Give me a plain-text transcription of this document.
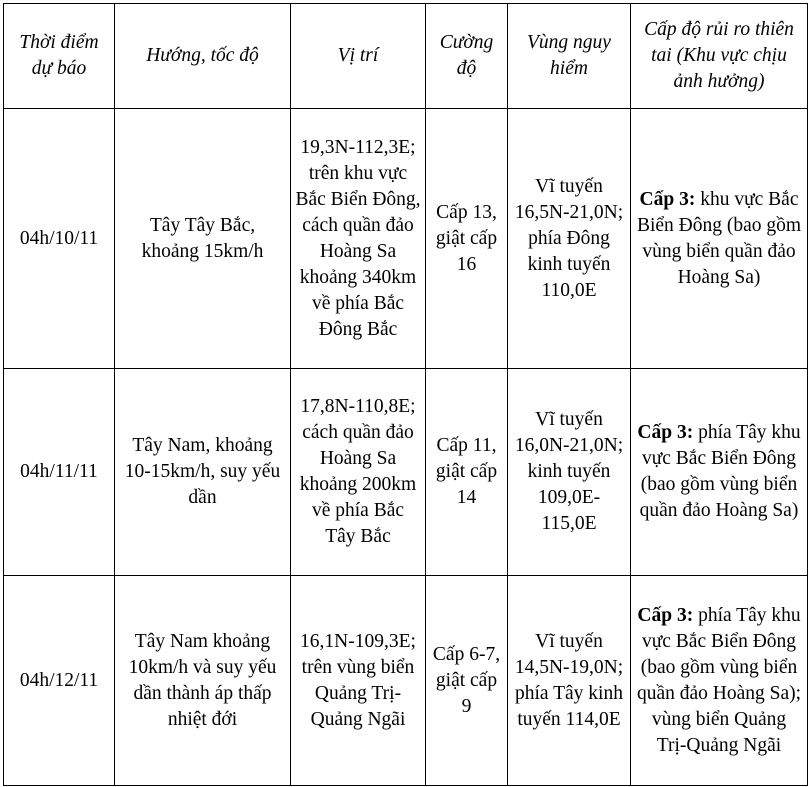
Thời điểm dự báo	Hướng, tốc độ	Vị trí	Cường độ	Vùng nguy hiểm	Cấp độ rủi ro thiên tai (Khu vực chịu ảnh hưởng)
04h/10/11	Tây Tây Bắc, khoảng 15km/h	19,3N-112,3E; trên khu vực Bắc Biển Đông, cách quần đảo Hoàng Sa khoảng 340km về phía Bắc Đông Bắc	Cấp 13, giật cấp 16	Vĩ tuyến 16,5N-21,0N; phía Đông kinh tuyến 110,0E	Cấp 3: khu vực Bắc Biển Đông (bao gồm vùng biển quần đảo Hoàng Sa)
04h/11/11	Tây Nam, khoảng 10-15km/h, suy yếu dần	17,8N-110,8E; cách quần đảo Hoàng Sa khoảng 200km về phía Bắc Tây Bắc	Cấp 11, giật cấp 14	Vĩ tuyến 16,0N-21,0N; kinh tuyến 109,0E-115,0E	Cấp 3: phía Tây khu vực Bắc Biển Đông (bao gồm vùng biển quần đảo Hoàng Sa)
04h/12/11	Tây Nam khoảng 10km/h và suy yếu dần thành áp thấp nhiệt đới	16,1N-109,3E; trên vùng biển Quảng Trị-Quảng Ngãi	Cấp 6-7, giật cấp 9	Vĩ tuyến 14,5N-19,0N; phía Tây kinh tuyến 114,0E	Cấp 3: phía Tây khu vực Bắc Biển Đông (bao gồm vùng biển quần đảo Hoàng Sa); vùng biển Quảng Trị-Quảng Ngãi
